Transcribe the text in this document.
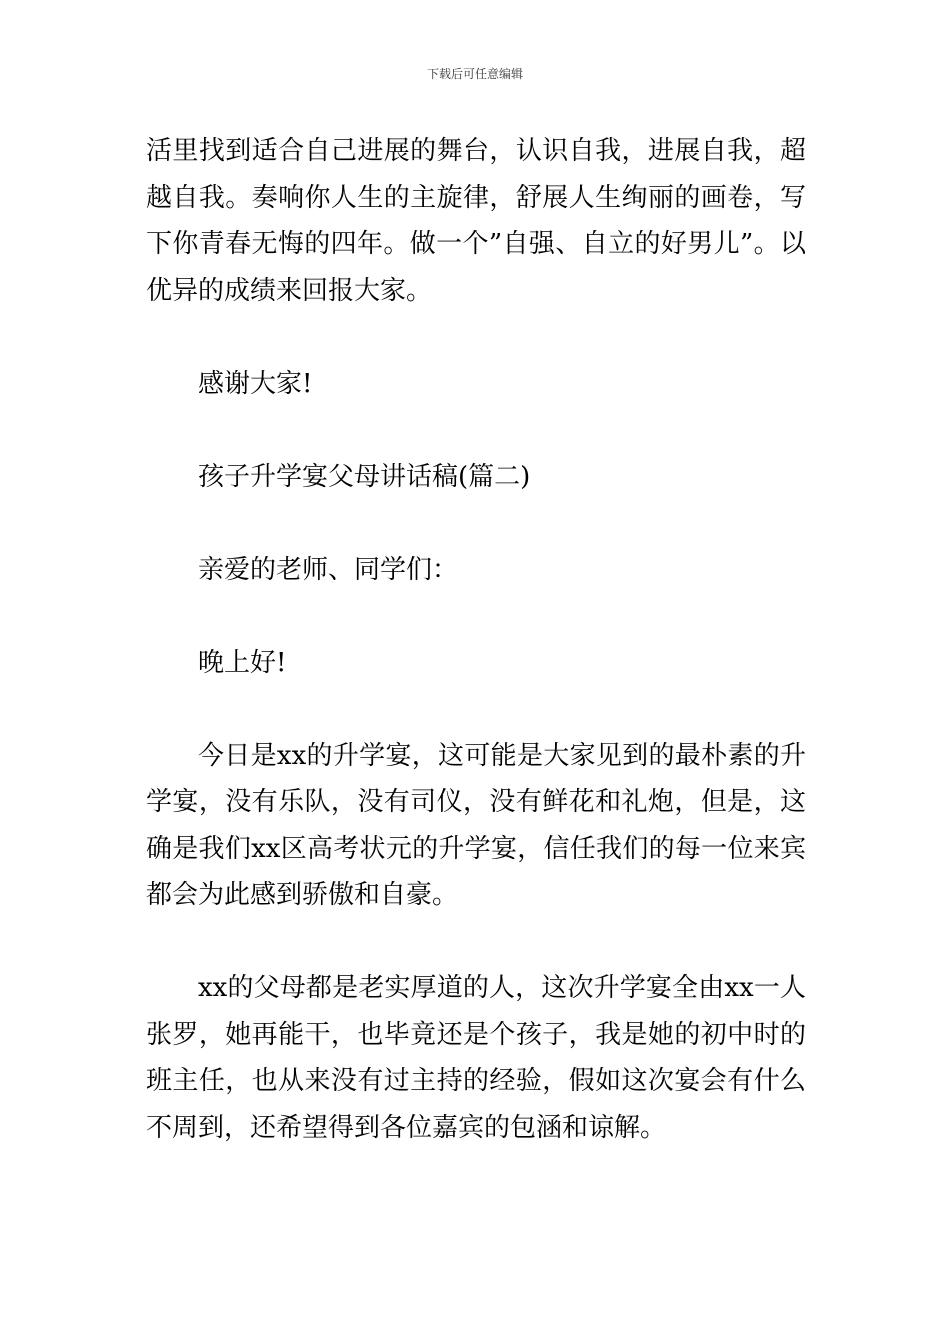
下载后可任意编辑

活里找到适合自己进展的舞台，认识自我，进展自我，超越自我。奏响你人生的主旋律，舒展人生绚丽的画卷，写下你青春无悔的四年。做一个”自强、自立的好男儿”。以优异的成绩来回报大家。

感谢大家!

孩子升学宴父母讲话稿(篇二)

亲爱的老师、同学们：

晚上好!

今日是xx的升学宴，这可能是大家见到的最朴素的升学宴，没有乐队，没有司仪，没有鲜花和礼炮，但是，这确是我们xx区高考状元的升学宴，信任我们的每一位来宾都会为此感到骄傲和自豪。

xx的父母都是老实厚道的人，这次升学宴全由xx一人张罗，她再能干，也毕竟还是个孩子，我是她的初中时的班主任，也从来没有过主持的经验，假如这次宴会有什么不周到，还希望得到各位嘉宾的包涵和谅解。
